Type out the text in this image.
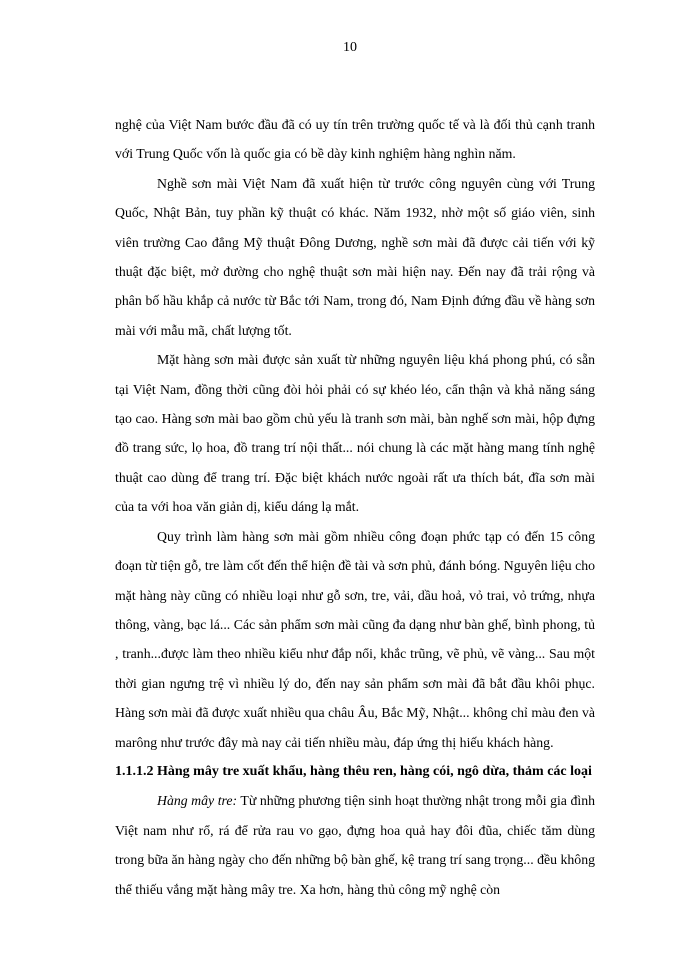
10

nghệ của Việt Nam bước đầu đã có uy tín trên trường quốc tế và là đối thủ cạnh tranh với Trung Quốc vốn là quốc gia có bề dày kinh nghiệm hàng nghìn năm.

Nghề sơn mài Việt Nam đã xuất hiện từ trước công nguyên cùng với Trung Quốc, Nhật Bản, tuy phần kỹ thuật có khác. Năm 1932, nhờ một số giáo viên, sinh viên trường Cao đẳng Mỹ thuật Đông Dương, nghề sơn mài đã được cải tiến với kỹ thuật đặc biệt, mở đường cho nghệ thuật sơn mài hiện nay. Đến nay đã trải rộng và phân bố hầu khắp cả nước từ Bắc tới Nam, trong đó, Nam Định đứng đầu về hàng sơn mài với mẫu mã, chất lượng tốt.

Mặt hàng sơn mài được sản xuất từ những nguyên liệu khá phong phú, có sẵn tại Việt Nam, đồng thời cũng đòi hỏi phải có sự khéo léo, cẩn thận và khả năng sáng tạo cao. Hàng sơn mài bao gồm chủ yếu là tranh sơn mài, bàn nghế sơn mài, hộp đựng đồ trang sức, lọ hoa, đồ trang trí nội thất... nói chung là các mặt hàng mang tính nghệ thuật cao dùng để trang trí. Đặc biệt khách nước ngoài rất ưa thích bát, đĩa sơn mài của ta với hoa văn giản dị, kiểu dáng lạ mắt.

Quy trình làm hàng sơn mài gồm nhiều công đoạn phức tạp có đến 15 công đoạn từ tiện gỗ, tre làm cốt đến thể hiện đề tài và sơn phủ, đánh bóng. Nguyên liệu cho mặt hàng này cũng có nhiều loại như gỗ sơn, tre, vải, dầu hoả, vỏ trai, vỏ trứng, nhựa thông, vàng, bạc lá... Các sản phẩm sơn mài cũng đa dạng như bàn ghế, bình phong, tủ , tranh...được làm theo nhiều kiểu như đắp nổi, khắc trũng, vẽ phủ, vẽ vàng... Sau một thời gian ngưng trệ vì nhiều lý do, đến nay sản phẩm sơn mài đã bắt đầu khôi phục. Hàng sơn mài đã được xuất nhiều qua châu Âu, Bắc Mỹ, Nhật... không chỉ màu đen và marông như trước đây mà nay cải tiến nhiều màu, đáp ứng thị hiếu khách hàng.

1.1.1.2 Hàng mây tre xuất khẩu, hàng thêu ren, hàng cói, ngô dừa, thảm các loại

Hàng mây tre: Từ những phương tiện sinh hoạt thường nhật trong mỗi gia đình Việt nam như rổ, rá để rửa rau vo gạo, đựng hoa quả hay đôi đũa, chiếc tăm dùng trong bữa ăn hàng ngày cho đến những bộ bàn ghế, kệ trang trí sang trọng... đều không thể thiếu vắng mặt hàng mây tre. Xa hơn, hàng thủ công mỹ nghệ còn
